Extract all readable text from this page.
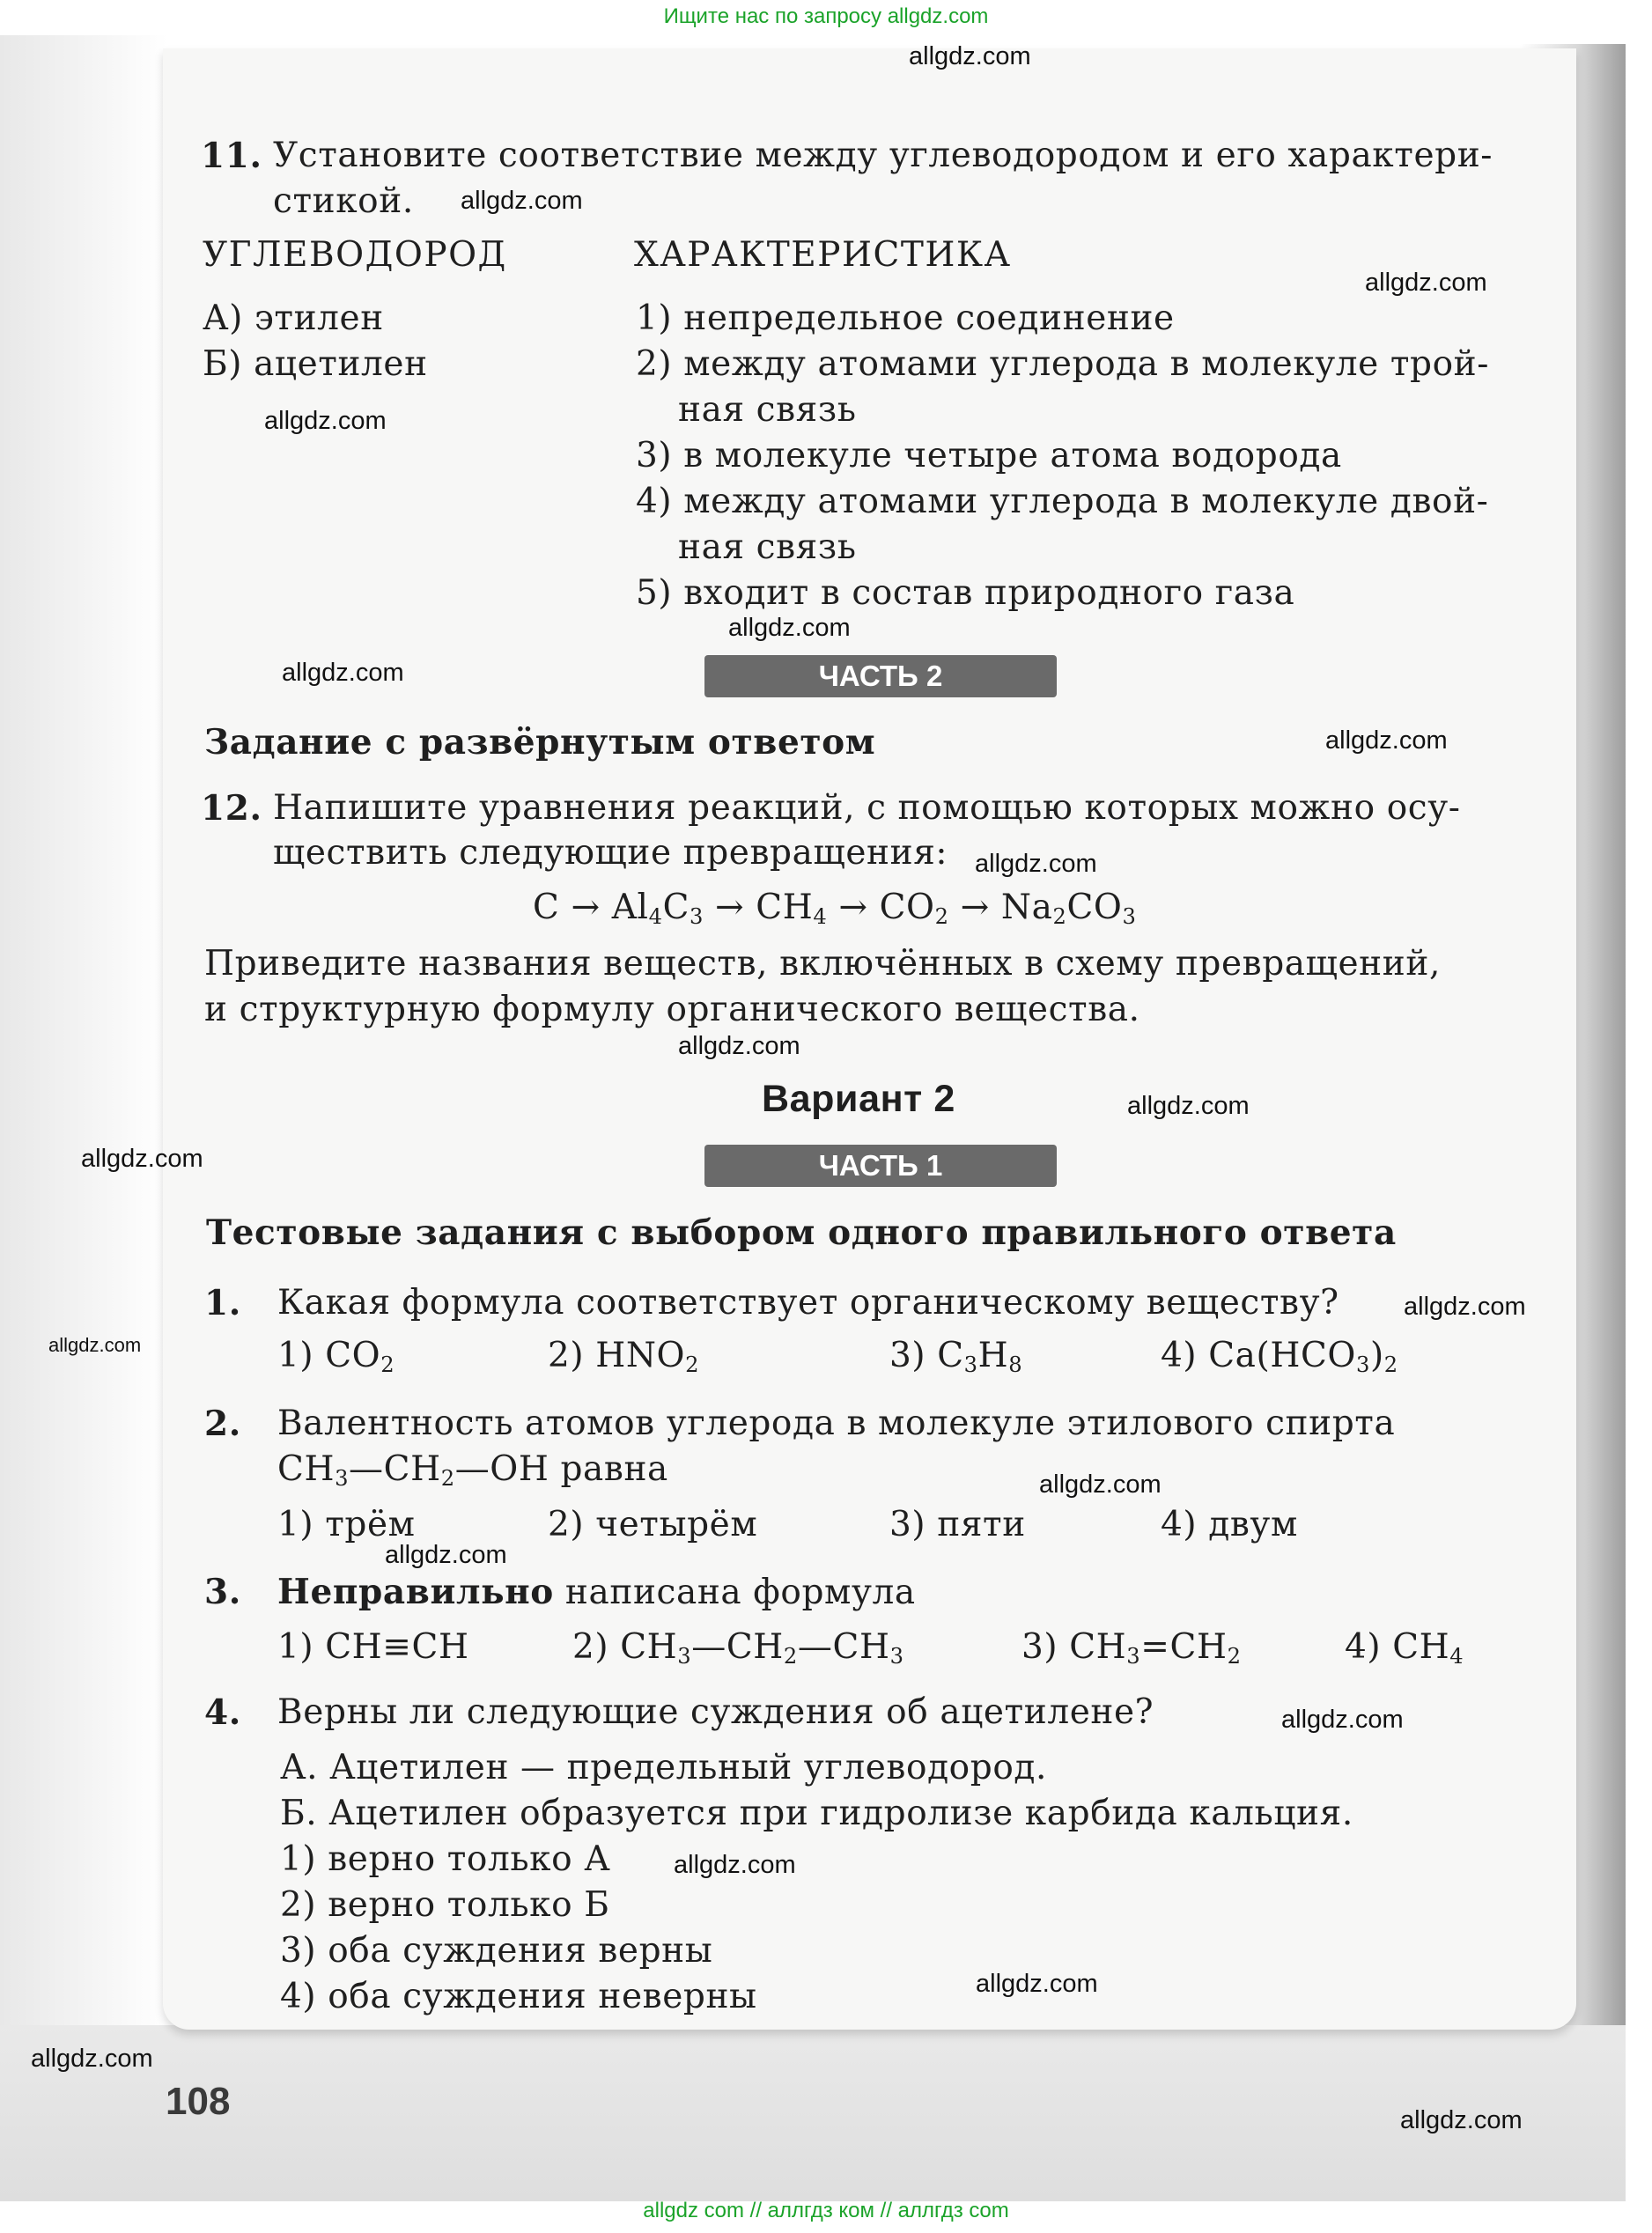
Ищите нас по запросу allgdz.com
11. Установите соответствие между углеводородом и его характери-
стикой.
УГЛЕВОДОРОД	ХАРАКТЕРИСТИКА
А) этилен
Б) ацетилен
1) непредельное соединение
2) между атомами углерода в молекуле трой-
ная связь
3) в молекуле четыре атома водорода
4) между атомами углерода в молекуле двой-
ная связь
5) входит в состав природного газа
ЧАСТЬ 2
Задание с развёрнутым ответом
12. Напишите уравнения реакций, с помощью которых можно осу-
ществить следующие превращения:
$C \to Al_4C_3 \to CH_4 \to CO_2 \to Na_2CO_3$
Приведите названия веществ, включённых в схему превращений,
и структурную формулу органического вещества.
Вариант 2
ЧАСТЬ 1
Тестовые задания с выбором одного правильного ответа
1. Какая формула соответствует органическому веществу?
1) $CO_2$	2) $HNO_2$	3) $C_3H_8$	4) $Ca(HCO_3)_2$
2. Валентность атомов углерода в молекуле этилового спирта
$CH_3—CH_2—OH$ равна
1) трём	2) четырём	3) пяти	4) двум
3. Неправильно написана формула
1) CH≡CH	2) $CH_3—CH_2—CH_3$	3) $CH_3=CH_2$	4) $CH_4$
4. Верны ли следующие суждения об ацетилене?
А. Ацетилен — предельный углеводород.
Б. Ацетилен образуется при гидролизе карбида кальция.
1) верно только А
2) верно только Б
3) оба суждения верны
4) оба суждения неверны
108
allgdz.com
allgdz.com
allgdz.com
allgdz.com
allgdz.com
allgdz.com
allgdz.com
allgdz.com
allgdz.com
allgdz.com
allgdz.com
allgdz.com
allgdz.com
allgdz.com
allgdz.com
allgdz.com
allgdz.com
allgdz.com
allgdz.com
allgdz.com
allgdz com // аллгдз ком // аллгдз com
